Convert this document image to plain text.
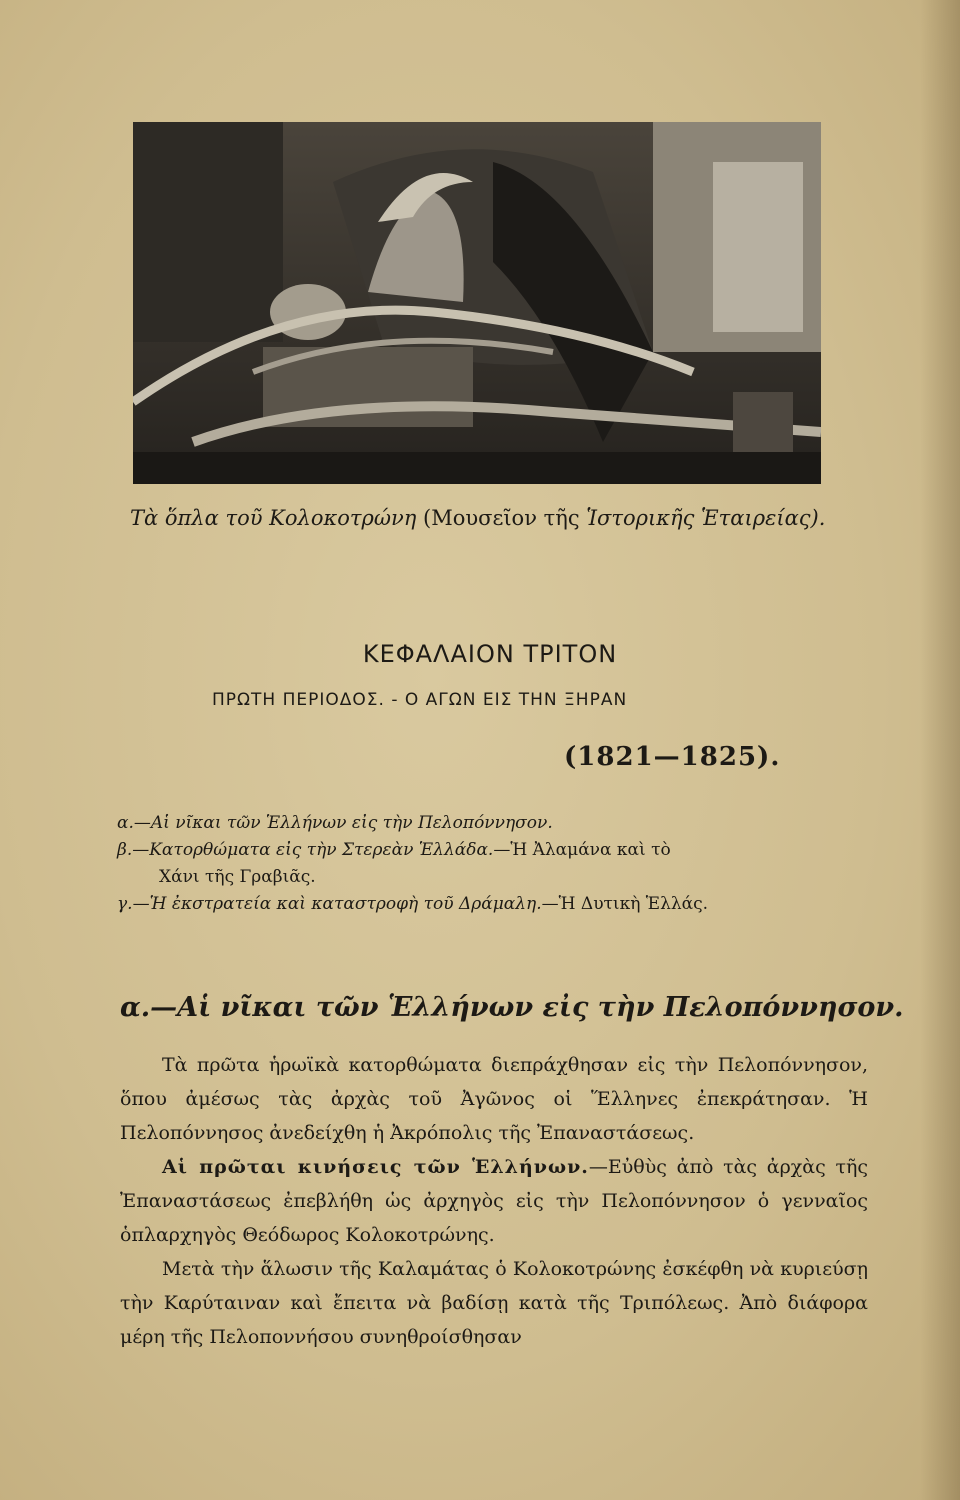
Τὰ ὅπλα τοῦ Κολοκοτρώνη (Μουσεῖον τῆς Ἱστορικῆς Ἑταιρείας).
ΚΕΦΑΛΑΙΟΝ ΤΡΙΤΟΝ
ΠΡΩΤΗ ΠΕΡΙΟΔΟΣ. - Ο ΑΓΩΝ ΕΙΣ ΤΗΝ ΞΗΡΑΝ
(1821—1825).
α.—Αἱ νῖκαι τῶν Ἑλλήνων εἰς τὴν Πελοπόννησον.
β.—Κατορθώματα εἰς τὴν Στερεὰν Ἑλλάδα.—Ἡ Ἀλαμάνα καὶ τὸ
Χάνι τῆς Γραβιᾶς.
γ.—Ἡ ἐκστρατεία καὶ καταστροφὴ τοῦ Δράμαλη.—Ἡ Δυτικὴ Ἑλλάς.
α.—Αἱ νῖκαι τῶν Ἑλλήνων εἰς τὴν Πελοπόννησον.

Τὰ πρῶτα ἡρωϊκὰ κατορθώματα διεπράχθησαν εἰς τὴν Πελοπόννησον, ὅπου ἀμέσως τὰς ἀρχὰς τοῦ Ἀγῶνος οἱ Ἕλληνες ἐπεκράτησαν. Ἡ Πελοπόννησος ἀνεδείχθη ἡ Ἀκρόπολις τῆς Ἐπαναστάσεως.

Αἱ πρῶται κινήσεις τῶν Ἑλλήνων.—Εὐθὺς ἀπὸ τὰς ἀρχὰς τῆς Ἐπαναστάσεως ἐπεβλήθη ὡς ἀρχηγὸς εἰς τὴν Πελοπόννησον ὁ γενναῖος ὁπλαρχηγὸς Θεόδωρος Κολοκοτρώνης.

Μετὰ τὴν ἅλωσιν τῆς Καλαμάτας ὁ Κολοκοτρώνης ἐσκέφθη νὰ κυριεύσῃ τὴν Καρύταιναν καὶ ἔπειτα νὰ βαδίσῃ κατὰ τῆς Τριπόλεως. Ἀπὸ διάφορα μέρη τῆς Πελοποννήσου συνηθροίσθησαν
